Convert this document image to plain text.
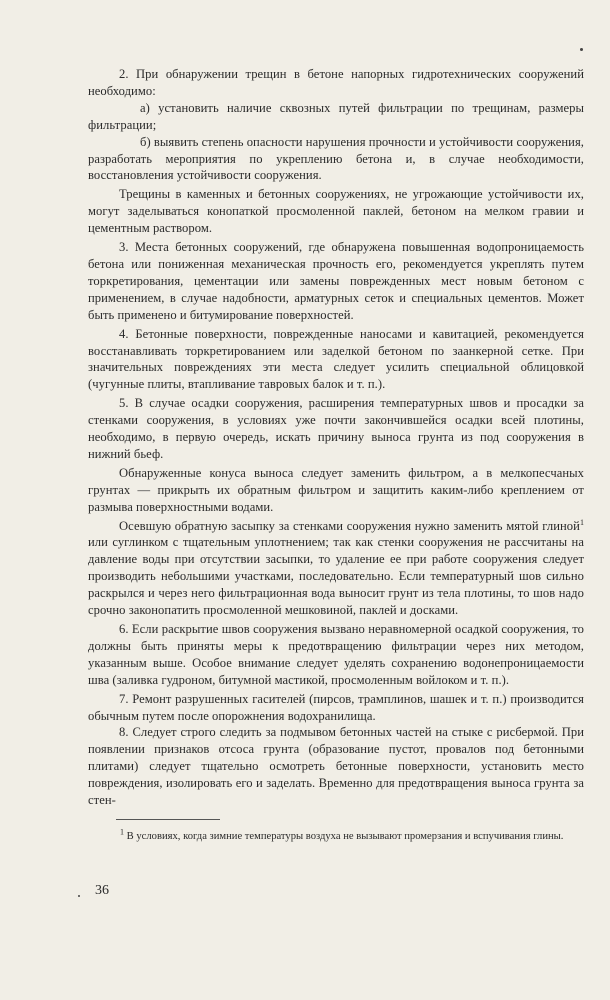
2. При обнаружении трещин в бетоне напорных гидротехнических сооружений необходимо:

а) установить наличие сквозных путей фильтрации по трещинам, размеры фильтрации;

б) выявить степень опасности нарушения прочности и устойчивости сооружения, разработать мероприятия по укреплению бетона и, в случае необходимости, восстановления устойчивости сооружения.

Трещины в каменных и бетонных сооружениях, не угрожающие устойчивости их, могут заделываться конопаткой просмоленной паклей, бетоном на мелком гравии и цементным раствором.

3. Места бетонных сооружений, где обнаружена повышенная водопроницаемость бетона или пониженная механическая прочность его, рекомендуется укреплять путем торкретирования, цементации или замены поврежденных мест новым бетоном с применением, в случае надобности, арматурных сеток и специальных цементов. Может быть применено и битумирование поверхностей.

4. Бетонные поверхности, поврежденные наносами и кавитацией, рекомендуется восстанавливать торкретированием или заделкой бетоном по заанкерной сетке. При значительных повреждениях эти места следует усилить специальной облицовкой (чугунные плиты, втапливание тавровых балок и т. п.).

5. В случае осадки сооружения, расширения температурных швов и просадки за стенками сооружения, в условиях уже почти закончившейся осадки всей плотины, необходимо, в первую очередь, искать причину выноса грунта из под сооружения в нижний бьеф.

Обнаруженные конуса выноса следует заменить фильтром, а в мелкопесчаных грунтах — прикрыть их обратным фильтром и защитить каким-либо креплением от размыва поверхностными водами.

Осевшую обратную засыпку за стенками сооружения нужно заменить мятой глиной$^1$ или суглинком с тщательным уплотнением; так как стенки сооружения не рассчитаны на давление воды при отсутствии засыпки, то удаление ее при работе сооружения следует производить небольшими участками, последовательно. Если температурный шов сильно раскрылся и через него фильтрационная вода выносит грунт из тела плотины, то шов надо срочно законопатить просмоленной мешковиной, паклей и досками.

6. Если раскрытие швов сооружения вызвано неравномерной осадкой сооружения, то должны быть приняты меры к предотвращению фильтрации через них методом, указанным выше. Особое внимание следует уделять сохранению водонепроницаемости шва (заливка гудроном, битумной мастикой, просмоленным войлоком и т. п.).

7. Ремонт разрушенных гасителей (пирсов, трамплинов, шашек и т. п.) производится обычным путем после опорожнения водохранилища.

8. Следует строго следить за подмывом бетонных частей на стыке с рисбермой. При появлении признаков отсоса грунта (образование пустот, провалов под бетонными плитами) следует тщательно осмотреть бетонные поверхности, установить место повреждения, изолировать его и заделать. Временно для предотвращения выноса грунта за стен-

$^1$ В условиях, когда зимние температуры воздуха не вызывают промерзания и вспучивания глины.
36
